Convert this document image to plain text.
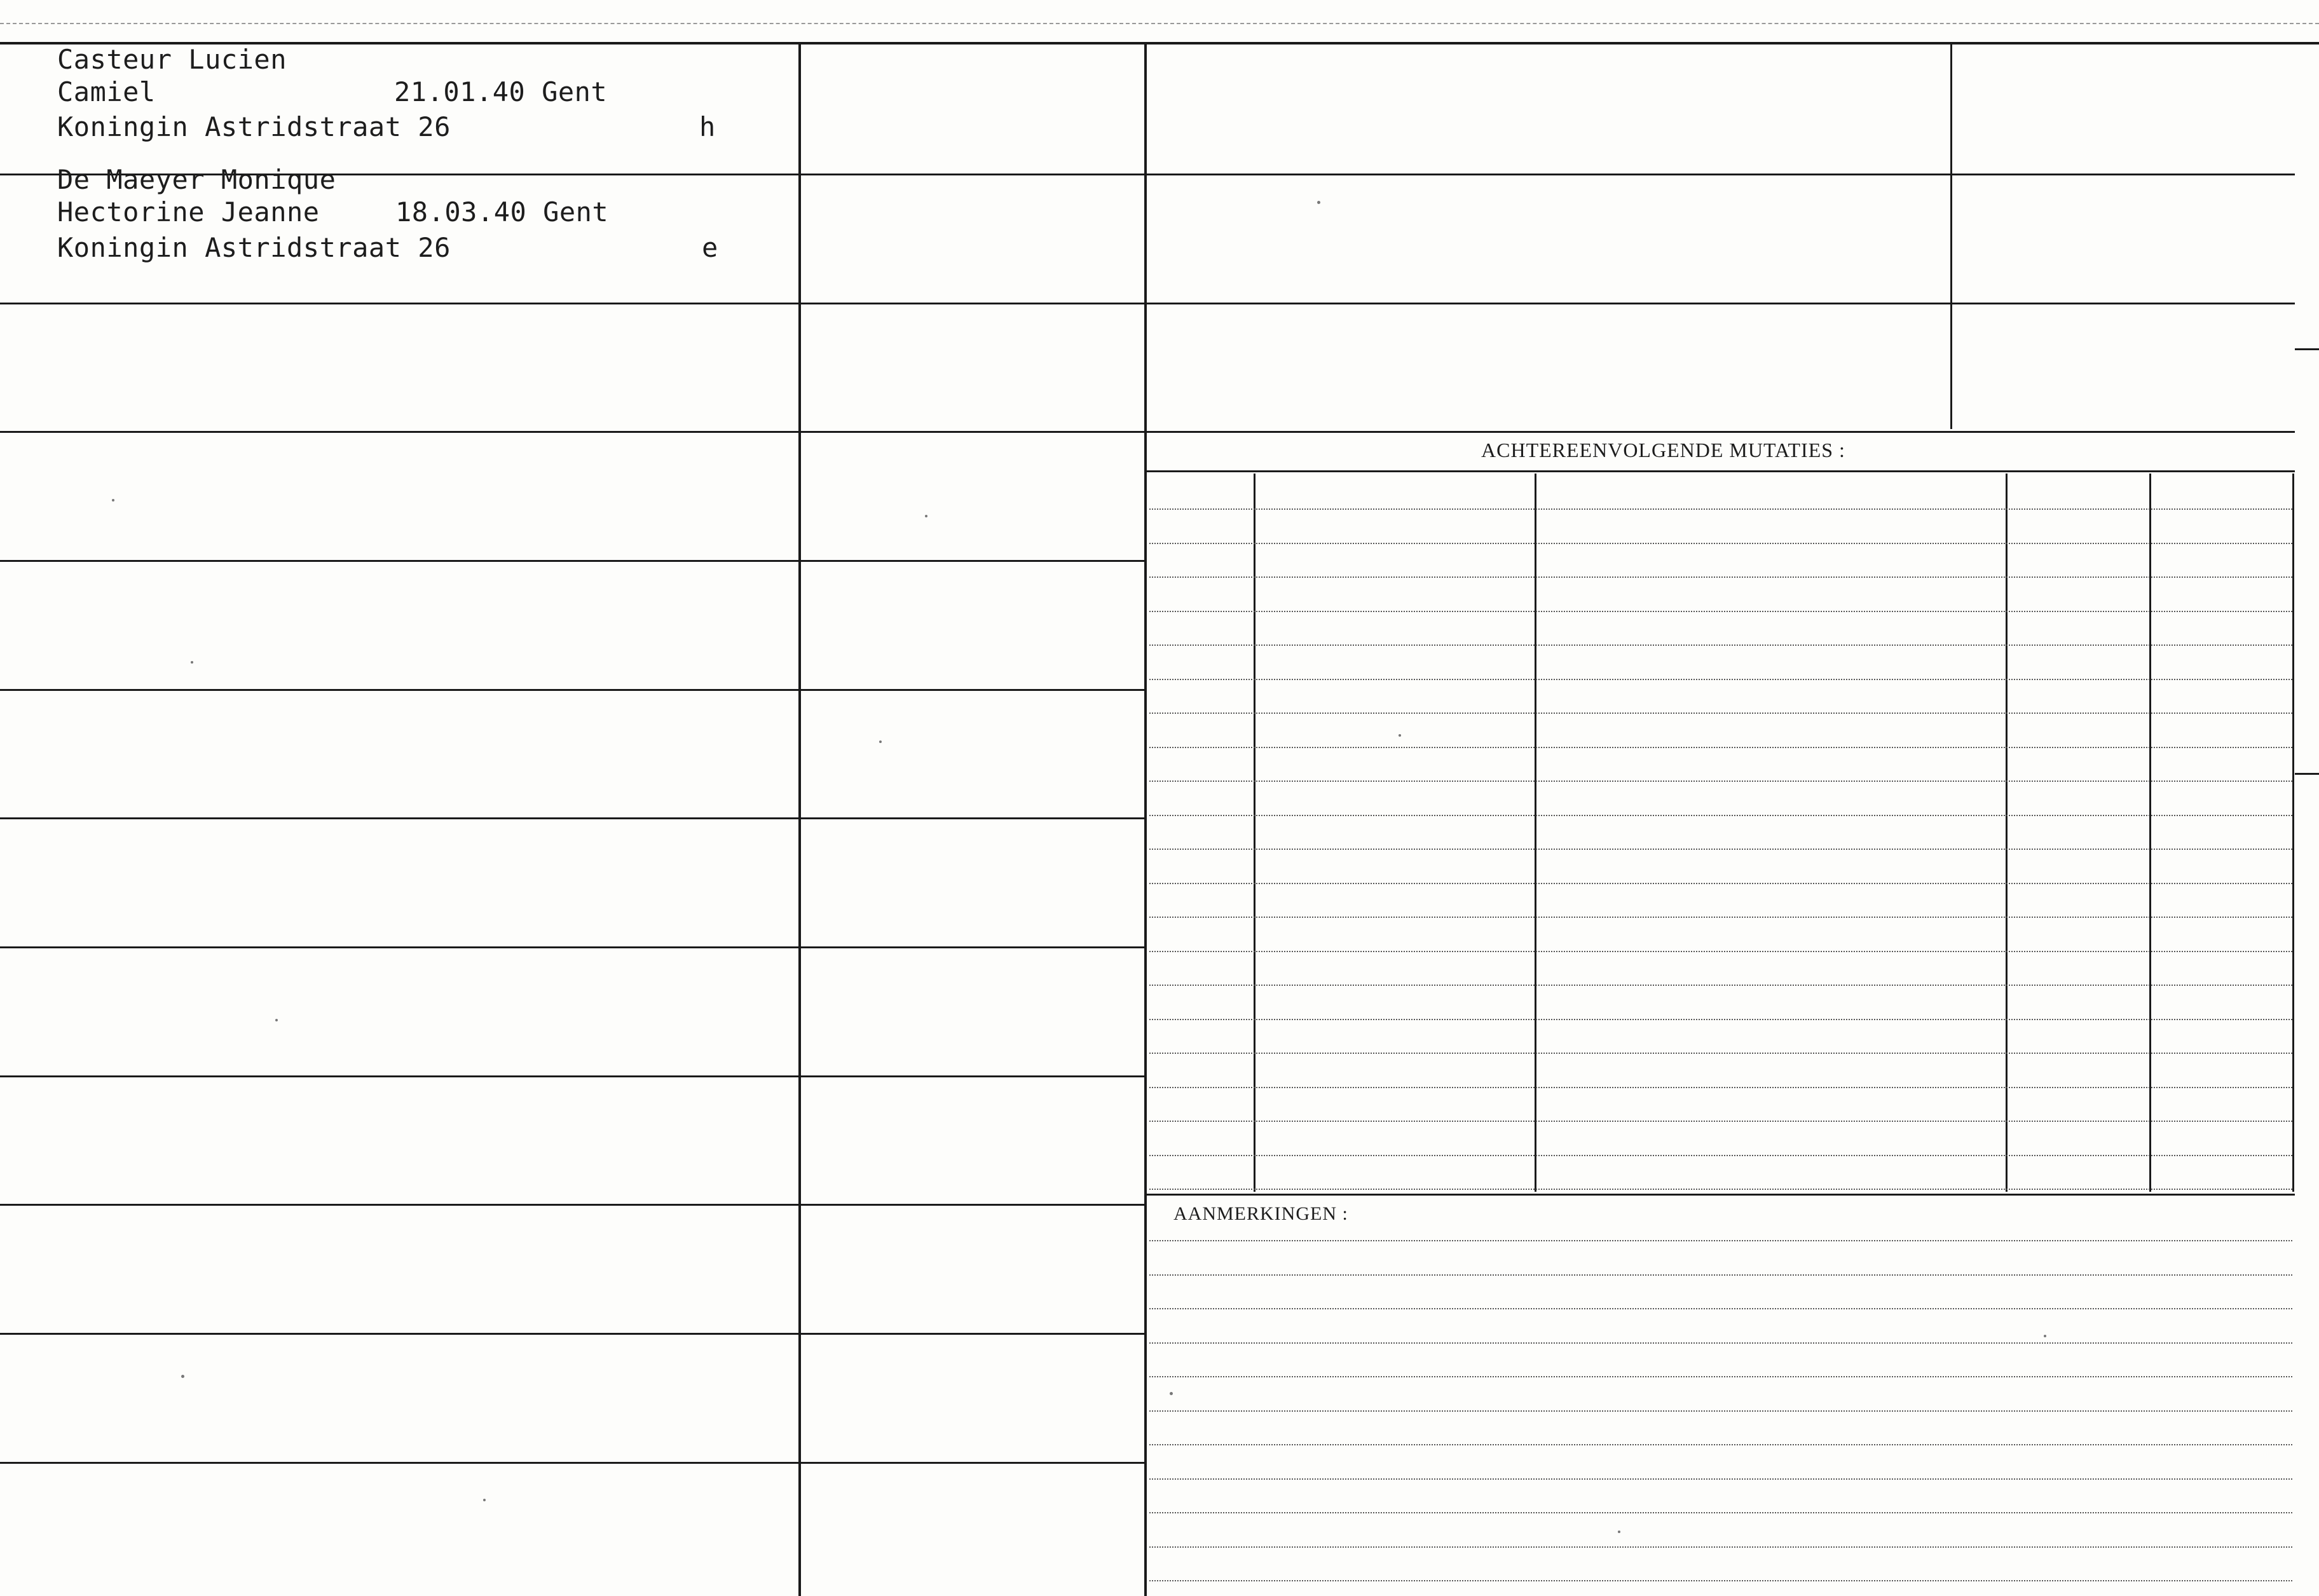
Casteur Lucien
Camiel	21.01.40 Gent
Koningin Astridstraat 26	h
De Maeyer Monique
Hectorine Jeanne	18.03.40 Gent
Koningin Astridstraat 26	e
ACHTEREENVOLGENDE MUTATIES :
AANMERKINGEN :
